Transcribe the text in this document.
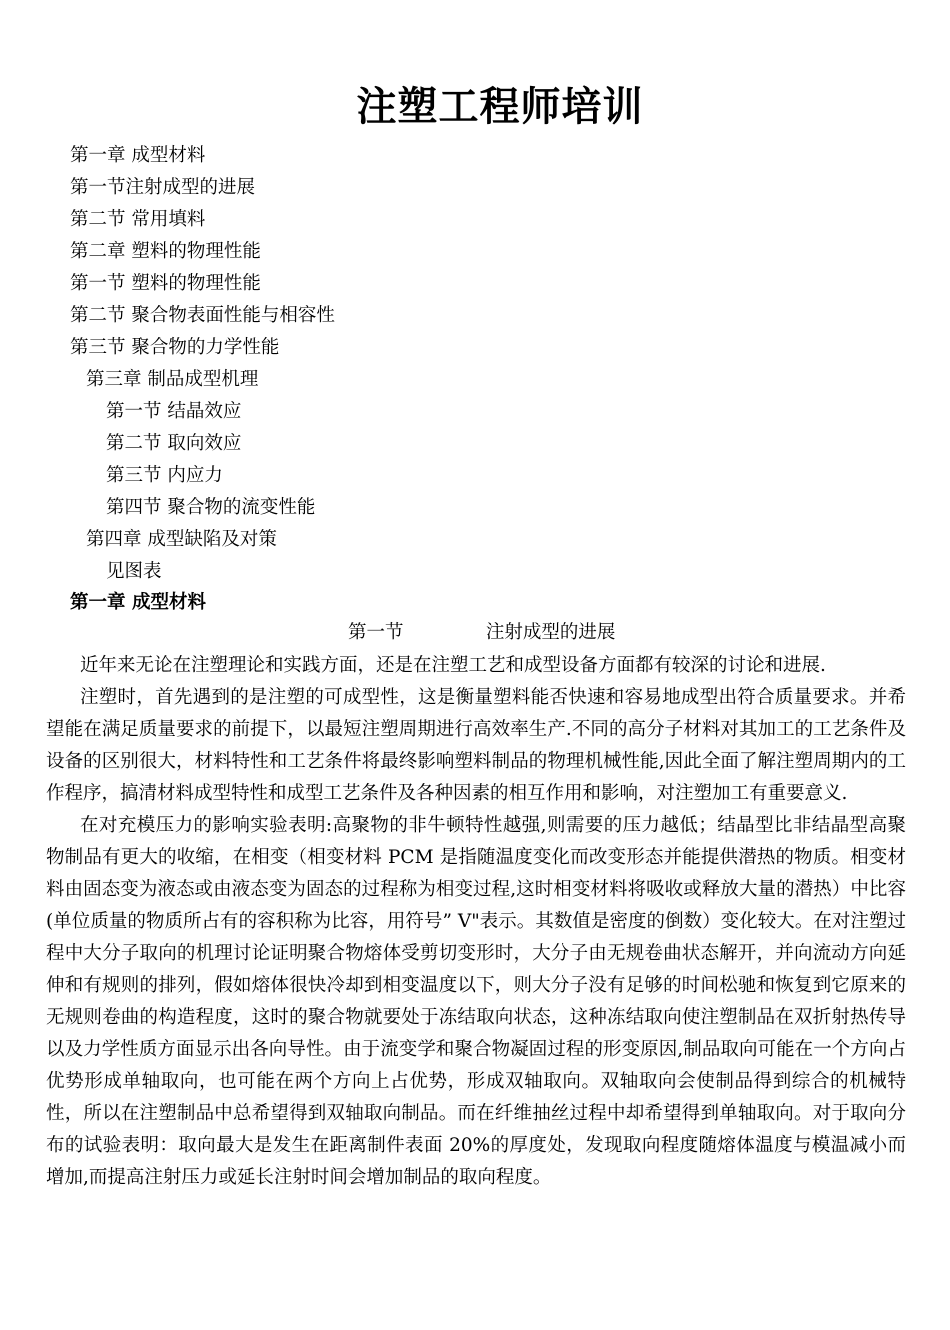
注塑工程师培训
第一章 成型材料
第一节注射成型的进展
第二节 常用填料
第二章 塑料的物理性能
第一节 塑料的物理性能
第二节 聚合物表面性能与相容性
第三节 聚合物的力学性能
第三章 制品成型机理
第一节 结晶效应
第二节 取向效应
第三节 内应力
第四节 聚合物的流变性能
第四章 成型缺陷及对策
见图表
第一章 成型材料
第一节              注射成型的进展

近年来无论在注塑理论和实践方面，还是在注塑工艺和成型设备方面都有较深的讨论和进展.

注塑时，首先遇到的是注塑的可成型性，这是衡量塑料能否快速和容易地成型出符合质量要求。并希望能在满足质量要求的前提下，以最短注塑周期进行高效率生产.不同的高分子材料对其加工的工艺条件及设备的区别很大，材料特性和工艺条件将最终影响塑料制品的物理机械性能,因此全面了解注塑周期内的工作程序，搞清材料成型特性和成型工艺条件及各种因素的相互作用和影响，对注塑加工有重要意义.

在对充模压力的影响实验表明:高聚物的非牛顿特性越强,则需要的压力越低；结晶型比非结晶型高聚物制品有更大的收缩，在相变（相变材料 PCM 是指随温度变化而改变形态并能提供潜热的物质。相变材料由固态变为液态或由液态变为固态的过程称为相变过程,这时相变材料将吸收或释放大量的潜热）中比容(单位质量的物质所占有的容积称为比容，用符号” V"表示。其数值是密度的倒数）变化较大。在对注塑过程中大分子取向的机理讨论证明聚合物熔体受剪切变形时，大分子由无规卷曲状态解开，并向流动方向延伸和有规则的排列，假如熔体很快冷却到相变温度以下，则大分子没有足够的时间松驰和恢复到它原来的无规则卷曲的构造程度，这时的聚合物就要处于冻结取向状态，这种冻结取向使注塑制品在双折射热传导以及力学性质方面显示出各向导性。由于流变学和聚合物凝固过程的形变原因,制品取向可能在一个方向占优势形成单轴取向，也可能在两个方向上占优势，形成双轴取向。双轴取向会使制品得到综合的机械特性，所以在注塑制品中总希望得到双轴取向制品。而在纤维抽丝过程中却希望得到单轴取向。对于取向分布的试验表明：取向最大是发生在距离制件表面 20%的厚度处，发现取向程度随熔体温度与模温减小而增加,而提高注射压力或延长注射时间会增加制品的取向程度。
